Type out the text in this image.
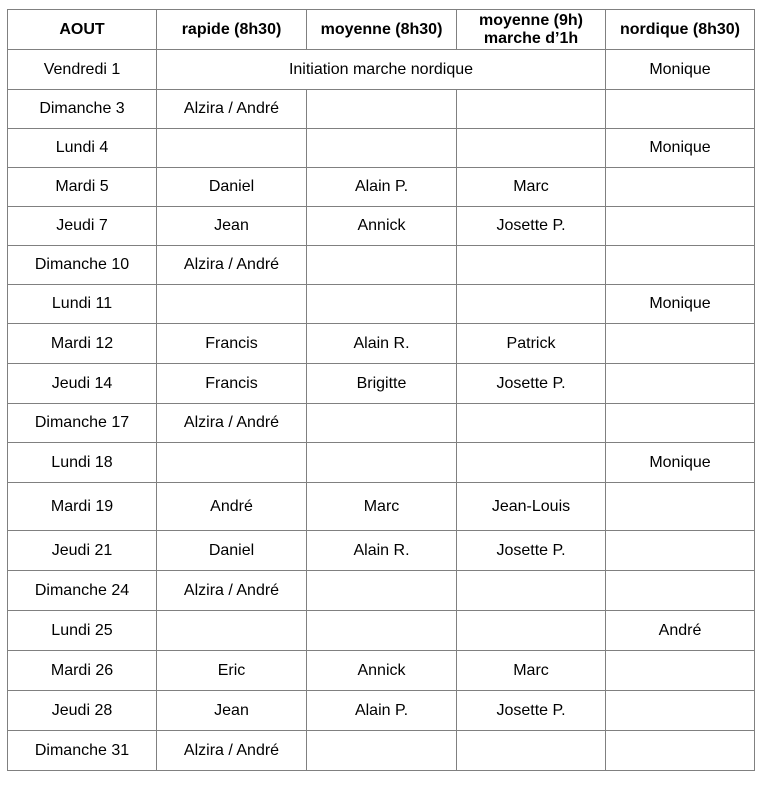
AOUT	rapide (8h30)	moyenne (8h30)	moyenne (9h)
marche d’1h	nordique (8h30)
Vendredi 1	Initiation marche nordique			Monique
Dimanche 3	Alzira / André			
Lundi 4				Monique
Mardi 5	Daniel	Alain P.	Marc	
Jeudi 7	Jean	Annick	Josette P.	
Dimanche 10	Alzira / André			
Lundi 11				Monique
Mardi 12	Francis	Alain R.	Patrick	
Jeudi 14	Francis	Brigitte	Josette P.	
Dimanche 17	Alzira / André			
Lundi 18				Monique
Mardi 19	André	Marc	Jean-Louis	
Jeudi 21	Daniel	Alain R.	Josette P.	
Dimanche 24	Alzira / André			
Lundi 25				André
Mardi 26	Eric	Annick	Marc	
Jeudi 28	Jean	Alain P.	Josette P.	
Dimanche 31	Alzira / André			
